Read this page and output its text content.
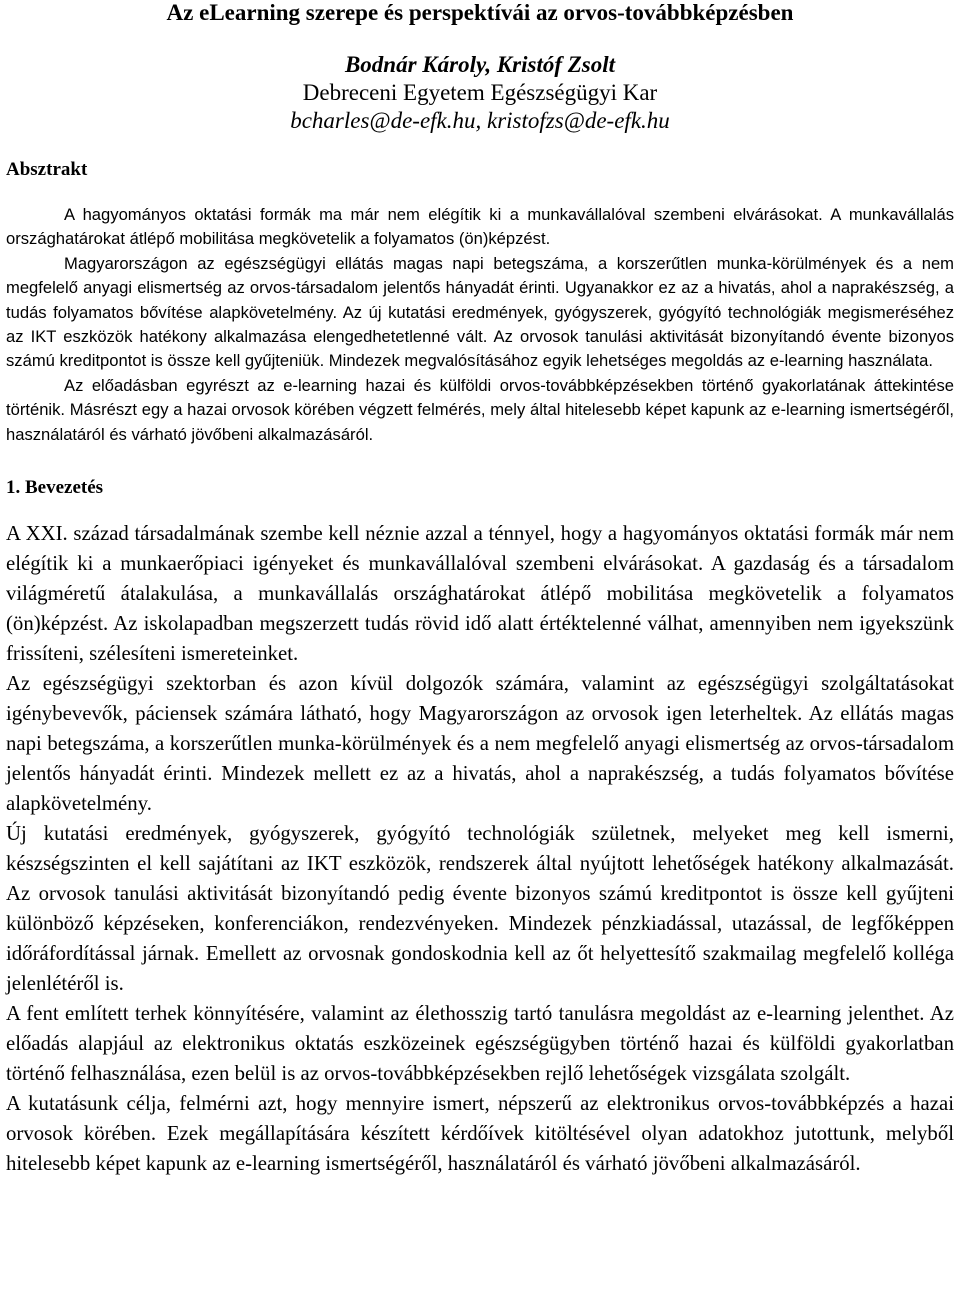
Az eLearning szerepe és perspektívái az orvos-továbbképzésben
Bodnár Károly, Kristóf Zsolt
Debreceni Egyetem Egészségügyi Kar
bcharles@de-efk.hu, kristofzs@de-efk.hu
Absztrakt

A hagyományos oktatási formák ma már nem elégítik ki a munkavállalóval szembeni elvárásokat. A munkavállalás országhatárokat átlépő mobilitása megkövetelik a folyamatos (ön)képzést.

Magyarországon az egészségügyi ellátás magas napi betegszáma, a korszerűtlen munka-körülmények és a nem megfelelő anyagi elismertség az orvos-társadalom jelentős hányadát érinti. Ugyanakkor ez az a hivatás, ahol a naprakészség, a tudás folyamatos bővítése alapkövetelmény. Az új kutatási eredmények, gyógyszerek, gyógyító technológiák megismeréséhez az IKT eszközök hatékony alkalmazása elengedhetetlenné vált. Az orvosok tanulási aktivitását bizonyítandó évente bizonyos számú kreditpontot is össze kell gyűjteniük. Mindezek megvalósításához egyik lehetséges megoldás az e-learning használata.

Az előadásban egyrészt az e-learning hazai és külföldi orvos-továbbképzésekben történő gyakorlatának áttekintése történik. Másrészt egy a hazai orvosok körében végzett felmérés, mely által hitelesebb képet kapunk az e-learning ismertségéről, használatáról és várható jövőbeni alkalmazásáról.

1. Bevezetés

A XXI. század társadalmának szembe kell néznie azzal a ténnyel, hogy a hagyományos oktatási formák már nem elégítik ki a munkaerőpiaci igényeket és munkavállalóval szembeni elvárásokat. A gazdaság és a társadalom világméretű átalakulása, a munkavállalás országhatárokat átlépő mobilitása megkövetelik a folyamatos (ön)képzést. Az iskolapadban megszerzett tudás rövid idő alatt értéktelenné válhat, amennyiben nem igyekszünk frissíteni, szélesíteni ismereteinket.

Az egészségügyi szektorban és azon kívül dolgozók számára, valamint az egészségügyi szolgáltatásokat igénybevevők, páciensek számára látható, hogy Magyarországon az orvosok igen leterheltek. Az ellátás magas napi betegszáma, a korszerűtlen munka-körülmények és a nem megfelelő anyagi elismertség az orvos-társadalom jelentős hányadát érinti. Mindezek mellett ez az a hivatás, ahol a naprakészség, a tudás folyamatos bővítése alapkövetelmény.

Új kutatási eredmények, gyógyszerek, gyógyító technológiák születnek, melyeket meg kell ismerni, készségszinten el kell sajátítani az IKT eszközök, rendszerek által nyújtott lehetőségek hatékony alkalmazását. Az orvosok tanulási aktivitását bizonyítandó pedig évente bizonyos számú kreditpontot is össze kell gyűjteni különböző képzéseken, konferenciákon, rendezvényeken. Mindezek pénzkiadással, utazással, de legfőképpen időráfordítással járnak. Emellett az orvosnak gondoskodnia kell az őt helyettesítő szakmailag megfelelő kollégа jelenlétéről is.

A fent említett terhek könnyítésére, valamint az élethosszig tartó tanulásra megoldást az e-learning jelenthet. Az előadás alapjául az elektronikus oktatás eszközeinek egészségügyben történő hazai és külföldi gyakorlatban történő felhasználása, ezen belül is az orvos-továbbképzésekben rejlő lehetőségek vizsgálata szolgált.

A kutatásunk célja, felmérni azt, hogy mennyire ismert, népszerű az elektronikus orvos-továbbképzés a hazai orvosok körében. Ezek megállapítására készített kérdőívek kitöltésével olyan adatokhoz jutottunk, melyből hitelesebb képet kapunk az e-learning ismertségéről, használatáról és várható jövőbeni alkalmazásáról.
